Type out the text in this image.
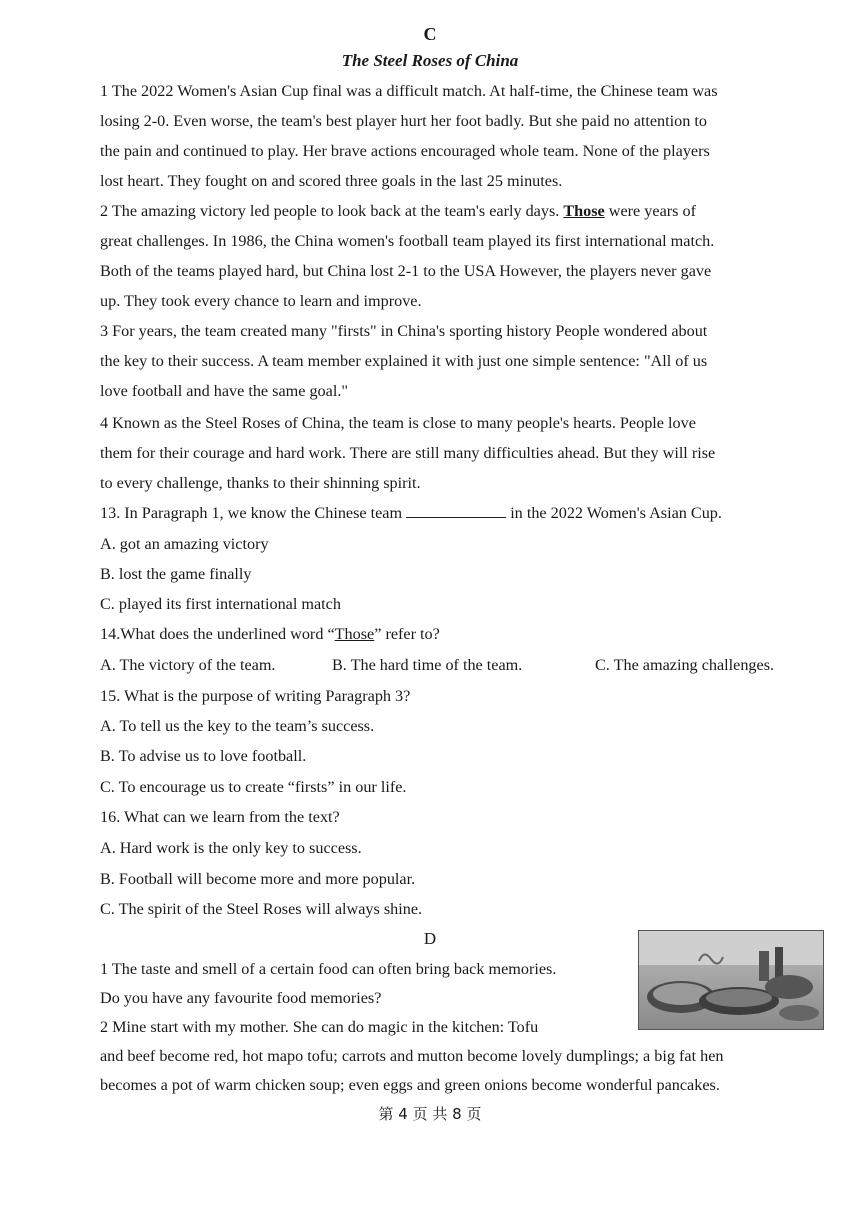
C
The Steel Roses of China
1 The 2022 Women's Asian Cup final was a difficult match. At half-time, the Chinese team was
losing 2-0. Even worse, the team's best player hurt her foot badly. But she paid no attention to
the pain and continued to play. Her brave actions encouraged whole team. None of the players
lost heart. They fought on and scored three goals in the last 25 minutes.
2 The amazing victory led people to look back at the team's early days. Those were years of
great challenges. In 1986, the China women's football team played its first international match.
Both of the teams played hard, but China lost 2-1 to the USA However, the players never gave
up. They took every chance to learn and improve.
3 For years, the team created many "firsts" in China's sporting history People wondered about
the key to their success. A team member explained it with just one simple sentence: "All of us
love football and have the same goal."
4 Known as the Steel Roses of China, the team is close to many people's hearts. People love
them for their courage and hard work. There are still many difficulties ahead. But they will rise
to every challenge, thanks to their shinning spirit.
13. In Paragraph 1, we know the Chinese team	in the 2022 Women's Asian Cup.
A. got an amazing victory
B. lost the game finally
C. played its first international match
14.What does the underlined word “Those” refer to?
A. The victory of the team.	B. The hard time of the team.	C. The amazing challenges.
15. What is the purpose of writing Paragraph 3?
A. To tell us the key to the team’s success.
B. To advise us to love football.
C. To encourage us to create “firsts” in our life.
16. What can we learn from the text?
A. Hard work is the only key to success.
B. Football will become more and more popular.
C. The spirit of the Steel Roses will always shine.
D
1 The taste and smell of a certain food can often bring back memories.
Do you have any favourite food memories?
2 Mine start with my mother. She can do magic in the kitchen: Tofu
and beef become red, hot mapo tofu; carrots and mutton become lovely dumplings; a big fat hen
becomes a pot of warm chicken soup; even eggs and green onions become wonderful pancakes.
第 4 页 共 8 页
